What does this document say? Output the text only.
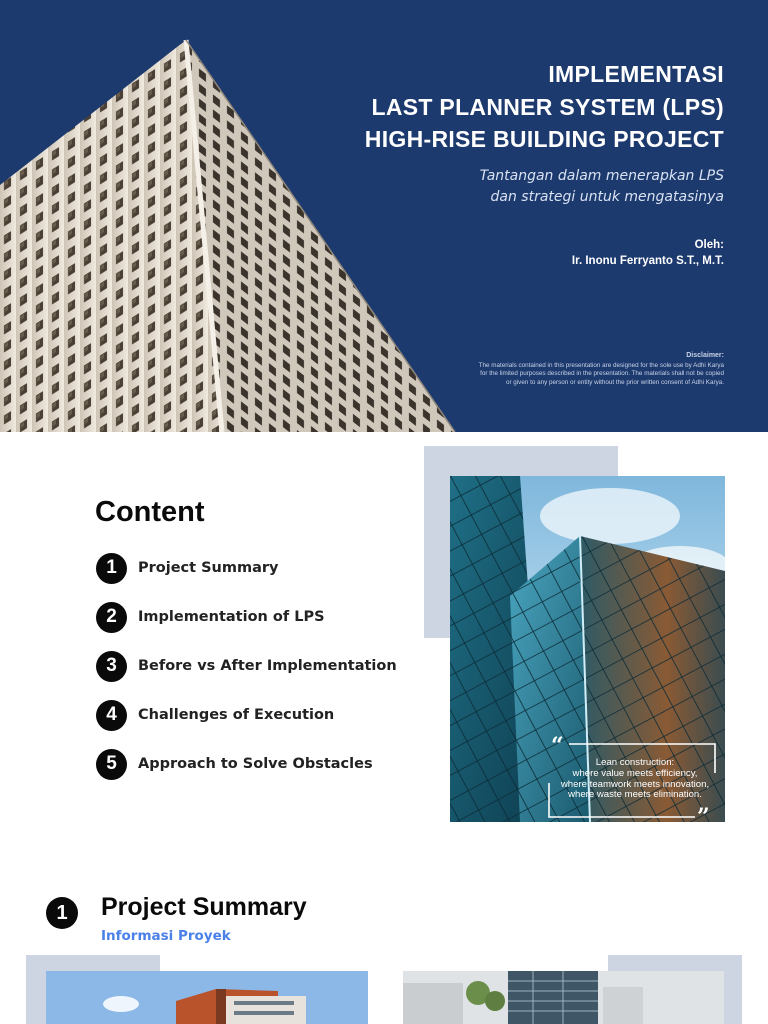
IMPLEMENTASI
LAST PLANNER SYSTEM (LPS)
HIGH-RISE BUILDING PROJECT
Tantangan dalam menerapkan LPS
dan strategi untuk mengatasinya
Oleh:
Ir. Inonu Ferryanto S.T., M.T.
Disclaimer:
The materials contained in this presentation are designed for the sole use by Adhi Karya
for the limited purposes described in the presentation. The materials shall not be copied
or given to any person or entity without the prior written consent of Adhi Karya.
Content
1	Project Summary
2	Implementation of LPS
3	Before vs After Implementation
4	Challenges of Execution
5	Approach to Solve Obstacles
“
”
Lean construction:
where value meets efficiency,
where teamwork meets innovation,
where waste meets elimination.
1	Project Summary
Informasi Proyek
